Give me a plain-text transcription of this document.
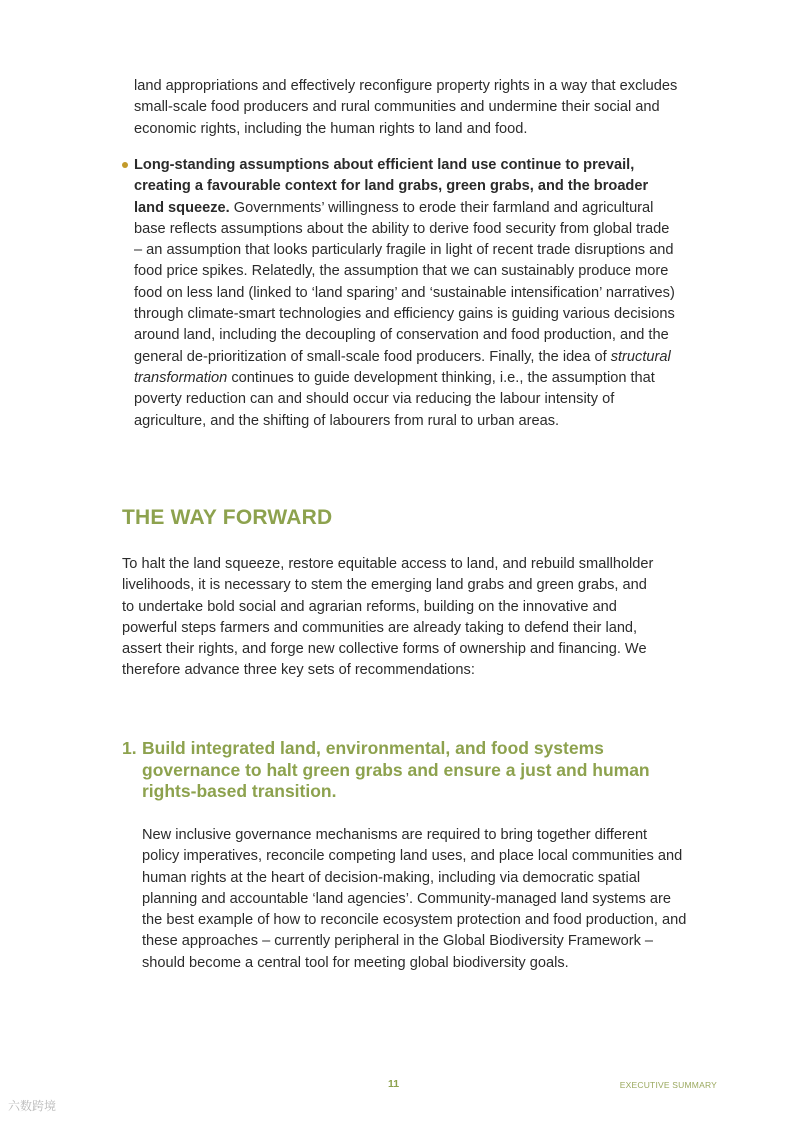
land appropriations and effectively reconfigure property rights in a way that excludes small-scale food producers and rural communities and undermine their social and economic rights, including the human rights to land and food.

Long-standing assumptions about efficient land use continue to prevail, creating a favourable context for land grabs, green grabs, and the broader land squeeze. Governments’ willingness to erode their farmland and agricultural base reflects assumptions about the ability to derive food security from global trade – an assumption that looks particularly fragile in light of recent trade disruptions and food price spikes. Relatedly, the assumption that we can sustainably produce more food on less land (linked to ‘land sparing’ and ‘sustainable intensification’ narratives) through climate-smart technologies and efficiency gains is guiding various decisions around land, including the decoupling of conservation and food production, and the general de-prioritization of small-scale food producers. Finally, the idea of structural transformation continues to guide development thinking, i.e., the assumption that poverty reduction can and should occur via reducing the labour intensity of agriculture, and the shifting of labourers from rural to urban areas.

THE WAY FORWARD

To halt the land squeeze, restore equitable access to land, and rebuild smallholder livelihoods, it is necessary to stem the emerging land grabs and green grabs, and to undertake bold social and agrarian reforms, building on the innovative and powerful steps farmers and communities are already taking to defend their land, assert their rights, and forge new collective forms of ownership and financing. We therefore advance three key sets of recommendations:

1. Build integrated land, environmental, and food systems governance to halt green grabs and ensure a just and human rights-based transition.

New inclusive governance mechanisms are required to bring together different policy imperatives, reconcile competing land uses, and place local communities and human rights at the heart of decision-making, including via democratic spatial planning and accountable ‘land agencies’. Community-managed land systems are the best example of how to reconcile ecosystem protection and food production, and these approaches – currently peripheral in the Global Biodiversity Framework – should become a central tool for meeting global biodiversity goals.

11	EXECUTIVE SUMMARY

六数跨境
